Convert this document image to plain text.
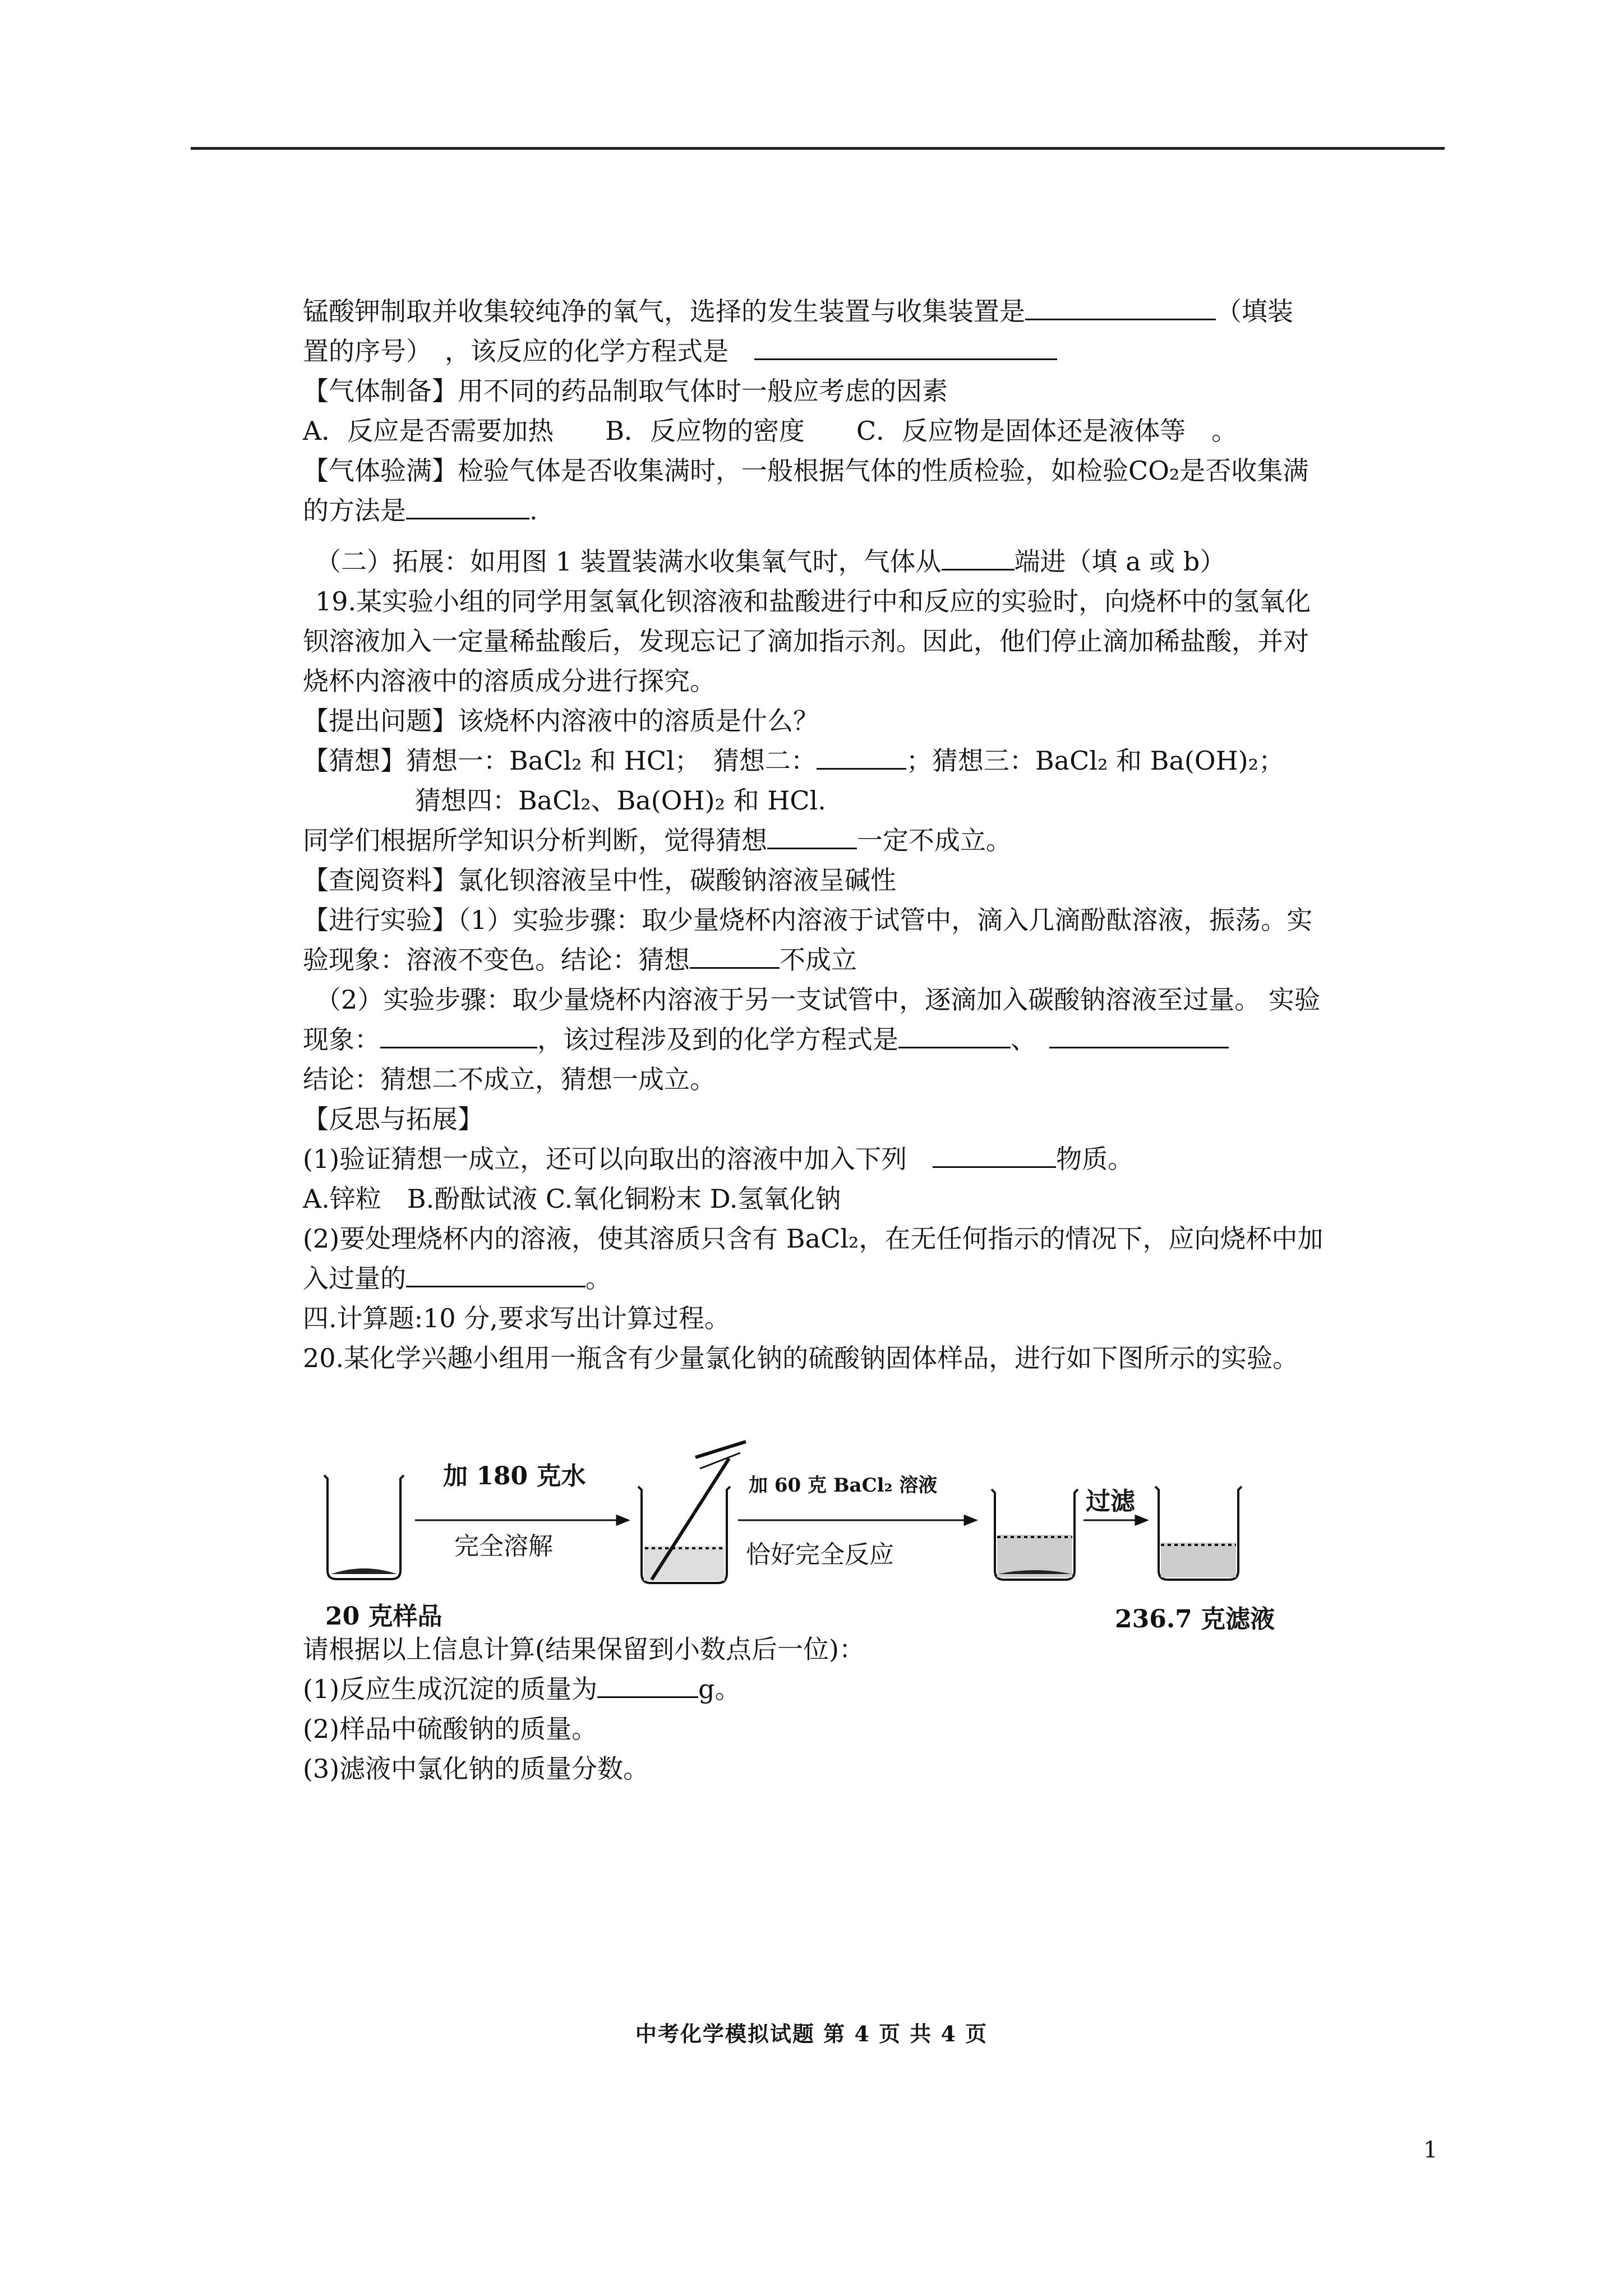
锰酸钾制取并收集较纯净的氧气，选择的发生装置与收集装置是	（填装
置的序号）　，该反应的化学方程式是　
【气体制备】用不同的药品制取气体时一般应考虑的因素
A．反应是否需要加热　　B．反应物的密度　　C．反应物是固体还是液体等　。
【气体验满】检验气体是否收集满时，一般根据气体的性质检验，如检验CO₂是否收集满
的方法是	.
（二）拓展：如用图 1 装置装满水收集氧气时，气体从	端进（填 a 或 b）
19.某实验小组的同学用氢氧化钡溶液和盐酸进行中和反应的实验时，向烧杯中的氢氧化
钡溶液加入一定量稀盐酸后，发现忘记了滴加指示剂。因此，他们停止滴加稀盐酸，并对
烧杯内溶液中的溶质成分进行探究。
【提出问题】该烧杯内溶液中的溶质是什么？
【猜想】猜想一：BaCl₂ 和 HCl；　猜想二：	；猜想三：BaCl₂ 和 Ba(OH)₂；
猜想四：BaCl₂、Ba(OH)₂ 和 HCl.
同学们根据所学知识分析判断，觉得猜想	一定不成立。
【查阅资料】氯化钡溶液呈中性，碳酸钠溶液呈碱性
【进行实验】（1）实验步骤：取少量烧杯内溶液于试管中，滴入几滴酚酞溶液，振荡。实
验现象：溶液不变色。结论：猜想	不成立
（2）实验步骤：取少量烧杯内溶液于另一支试管中，逐滴加入碳酸钠溶液至过量。 实验
现象：	，该过程涉及到的化学方程式是	、　
结论：猜想二不成立，猜想一成立。
【反思与拓展】
(1)验证猜想一成立，还可以向取出的溶液中加入下列　	物质。
A.锌粒　B.酚酞试液 C.氧化铜粉末 D.氢氧化钠
(2)要处理烧杯内的溶液，使其溶质只含有 BaCl₂，在无任何指示的情况下，应向烧杯中加
入过量的	。
四.计算题:10 分,要求写出计算过程。
20.某化学兴趣小组用一瓶含有少量氯化钠的硫酸钠固体样品，进行如下图所示的实验。
加 180 克水
完全溶解
20 克样品
加 60 克 BaCl₂ 溶液
恰好完全反应
过滤
236.7 克滤液
请根据以上信息计算(结果保留到小数点后一位)：
(1)反应生成沉淀的质量为	g。
(2)样品中硫酸钠的质量。
(3)滤液中氯化钠的质量分数。
中考化学模拟试题 第 4 页 共 4 页
1
